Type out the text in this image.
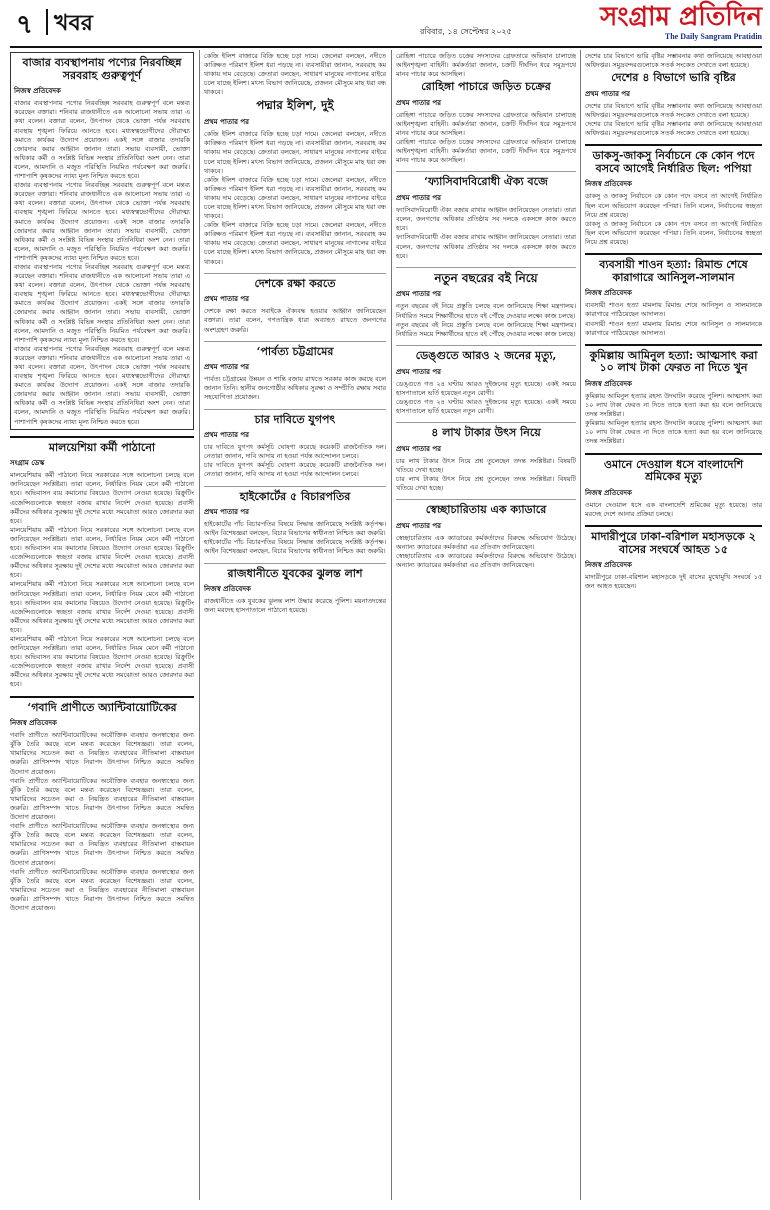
৭ খবর	রবিবার, ১৪ সেপ্টেম্বর ২০২৫	সংগ্রাম প্রতিদিন
The Daily Sangram Pratidin
বাজার ব্যবস্থাপনায় পণ্যের নিরবচ্ছিন্ন সরবরাহ গুরুত্বপূর্ণ
নিজস্ব প্রতিবেদক

বাজার ব্যবস্থাপনায় পণ্যের নিরবচ্ছিন্ন সরবরাহ গুরুত্বপূর্ণ বলে মন্তব্য করেছেন বক্তারা। শনিবার রাজধানীতে এক আলোচনা সভায় তারা এ কথা বলেন। বক্তারা বলেন, উৎপাদন থেকে ভোক্তা পর্যন্ত সরবরাহ ব্যবস্থায় শৃঙ্খলা ফিরিয়ে আনতে হবে। মধ্যস্বত্বভোগীদের দৌরাত্ম্য কমাতে কার্যকর উদ্যোগ প্রয়োজন। একই সঙ্গে বাজার তদারকি জোরদার করার আহ্বান জানান তারা। সভায় ব্যবসায়ী, ভোক্তা অধিকার কর্মী ও সংশ্লিষ্ট বিভিন্ন সংস্থার প্রতিনিধিরা অংশ নেন। তারা বলেন, আমদানি ও মজুত পরিস্থিতি নিয়মিত পর্যবেক্ষণ করা জরুরি। পাশাপাশি কৃষকদের ন্যায্য মূল্য নিশ্চিত করতে হবে।

বাজার ব্যবস্থাপনায় পণ্যের নিরবচ্ছিন্ন সরবরাহ গুরুত্বপূর্ণ বলে মন্তব্য করেছেন বক্তারা। শনিবার রাজধানীতে এক আলোচনা সভায় তারা এ কথা বলেন। বক্তারা বলেন, উৎপাদন থেকে ভোক্তা পর্যন্ত সরবরাহ ব্যবস্থায় শৃঙ্খলা ফিরিয়ে আনতে হবে। মধ্যস্বত্বভোগীদের দৌরাত্ম্য কমাতে কার্যকর উদ্যোগ প্রয়োজন। একই সঙ্গে বাজার তদারকি জোরদার করার আহ্বান জানান তারা। সভায় ব্যবসায়ী, ভোক্তা অধিকার কর্মী ও সংশ্লিষ্ট বিভিন্ন সংস্থার প্রতিনিধিরা অংশ নেন। তারা বলেন, আমদানি ও মজুত পরিস্থিতি নিয়মিত পর্যবেক্ষণ করা জরুরি। পাশাপাশি কৃষকদের ন্যায্য মূল্য নিশ্চিত করতে হবে।

বাজার ব্যবস্থাপনায় পণ্যের নিরবচ্ছিন্ন সরবরাহ গুরুত্বপূর্ণ বলে মন্তব্য করেছেন বক্তারা। শনিবার রাজধানীতে এক আলোচনা সভায় তারা এ কথা বলেন। বক্তারা বলেন, উৎপাদন থেকে ভোক্তা পর্যন্ত সরবরাহ ব্যবস্থায় শৃঙ্খলা ফিরিয়ে আনতে হবে। মধ্যস্বত্বভোগীদের দৌরাত্ম্য কমাতে কার্যকর উদ্যোগ প্রয়োজন। একই সঙ্গে বাজার তদারকি জোরদার করার আহ্বান জানান তারা। সভায় ব্যবসায়ী, ভোক্তা অধিকার কর্মী ও সংশ্লিষ্ট বিভিন্ন সংস্থার প্রতিনিধিরা অংশ নেন। তারা বলেন, আমদানি ও মজুত পরিস্থিতি নিয়মিত পর্যবেক্ষণ করা জরুরি। পাশাপাশি কৃষকদের ন্যায্য মূল্য নিশ্চিত করতে হবে।

বাজার ব্যবস্থাপনায় পণ্যের নিরবচ্ছিন্ন সরবরাহ গুরুত্বপূর্ণ বলে মন্তব্য করেছেন বক্তারা। শনিবার রাজধানীতে এক আলোচনা সভায় তারা এ কথা বলেন। বক্তারা বলেন, উৎপাদন থেকে ভোক্তা পর্যন্ত সরবরাহ ব্যবস্থায় শৃঙ্খলা ফিরিয়ে আনতে হবে। মধ্যস্বত্বভোগীদের দৌরাত্ম্য কমাতে কার্যকর উদ্যোগ প্রয়োজন। একই সঙ্গে বাজার তদারকি জোরদার করার আহ্বান জানান তারা। সভায় ব্যবসায়ী, ভোক্তা অধিকার কর্মী ও সংশ্লিষ্ট বিভিন্ন সংস্থার প্রতিনিধিরা অংশ নেন। তারা বলেন, আমদানি ও মজুত পরিস্থিতি নিয়মিত পর্যবেক্ষণ করা জরুরি। পাশাপাশি কৃষকদের ন্যায্য মূল্য নিশ্চিত করতে হবে।

মালয়েশিয়া কর্মী পাঠানো
সংগ্রাম ডেস্ক

মালয়েশিয়ায় কর্মী পাঠানো নিয়ে সরকারের সঙ্গে আলোচনা চলছে বলে জানিয়েছেন সংশ্লিষ্টরা। তারা বলেন, নির্ধারিত নিয়ম মেনে কর্মী পাঠানো হবে। অভিবাসন ব্যয় কমানোর বিষয়েও উদ্যোগ নেওয়া হয়েছে। রিক্রুটিং এজেন্সিগুলোকে স্বচ্ছতা বজায় রাখার নির্দেশ দেওয়া হয়েছে। প্রবাসী কর্মীদের অধিকার সুরক্ষায় দুই দেশের মধ্যে সমঝোতা আরও জোরদার করা হবে।

মালয়েশিয়ায় কর্মী পাঠানো নিয়ে সরকারের সঙ্গে আলোচনা চলছে বলে জানিয়েছেন সংশ্লিষ্টরা। তারা বলেন, নির্ধারিত নিয়ম মেনে কর্মী পাঠানো হবে। অভিবাসন ব্যয় কমানোর বিষয়েও উদ্যোগ নেওয়া হয়েছে। রিক্রুটিং এজেন্সিগুলোকে স্বচ্ছতা বজায় রাখার নির্দেশ দেওয়া হয়েছে। প্রবাসী কর্মীদের অধিকার সুরক্ষায় দুই দেশের মধ্যে সমঝোতা আরও জোরদার করা হবে।

মালয়েশিয়ায় কর্মী পাঠানো নিয়ে সরকারের সঙ্গে আলোচনা চলছে বলে জানিয়েছেন সংশ্লিষ্টরা। তারা বলেন, নির্ধারিত নিয়ম মেনে কর্মী পাঠানো হবে। অভিবাসন ব্যয় কমানোর বিষয়েও উদ্যোগ নেওয়া হয়েছে। রিক্রুটিং এজেন্সিগুলোকে স্বচ্ছতা বজায় রাখার নির্দেশ দেওয়া হয়েছে। প্রবাসী কর্মীদের অধিকার সুরক্ষায় দুই দেশের মধ্যে সমঝোতা আরও জোরদার করা হবে।

মালয়েশিয়ায় কর্মী পাঠানো নিয়ে সরকারের সঙ্গে আলোচনা চলছে বলে জানিয়েছেন সংশ্লিষ্টরা। তারা বলেন, নির্ধারিত নিয়ম মেনে কর্মী পাঠানো হবে। অভিবাসন ব্যয় কমানোর বিষয়েও উদ্যোগ নেওয়া হয়েছে। রিক্রুটিং এজেন্সিগুলোকে স্বচ্ছতা বজায় রাখার নির্দেশ দেওয়া হয়েছে। প্রবাসী কর্মীদের অধিকার সুরক্ষায় দুই দেশের মধ্যে সমঝোতা আরও জোরদার করা হবে।

‘গবাদি প্রাণীতে অ্যান্টিবায়োটিকের
নিজস্ব প্রতিবেদক

গবাদি প্রাণীতে অ্যান্টিবায়োটিকের অযৌক্তিক ব্যবহার জনস্বাস্থ্যের জন্য ঝুঁকি তৈরি করছে বলে মন্তব্য করেছেন বিশেষজ্ঞরা। তারা বলেন, খামারিদের সচেতন করা ও নিয়ন্ত্রিত ব্যবহারের নীতিমালা বাস্তবায়ন জরুরি। প্রাণিসম্পদ খাতে নিরাপদ উৎপাদন নিশ্চিত করতে সমন্বিত উদ্যোগ প্রয়োজন।

গবাদি প্রাণীতে অ্যান্টিবায়োটিকের অযৌক্তিক ব্যবহার জনস্বাস্থ্যের জন্য ঝুঁকি তৈরি করছে বলে মন্তব্য করেছেন বিশেষজ্ঞরা। তারা বলেন, খামারিদের সচেতন করা ও নিয়ন্ত্রিত ব্যবহারের নীতিমালা বাস্তবায়ন জরুরি। প্রাণিসম্পদ খাতে নিরাপদ উৎপাদন নিশ্চিত করতে সমন্বিত উদ্যোগ প্রয়োজন।

গবাদি প্রাণীতে অ্যান্টিবায়োটিকের অযৌক্তিক ব্যবহার জনস্বাস্থ্যের জন্য ঝুঁকি তৈরি করছে বলে মন্তব্য করেছেন বিশেষজ্ঞরা। তারা বলেন, খামারিদের সচেতন করা ও নিয়ন্ত্রিত ব্যবহারের নীতিমালা বাস্তবায়ন জরুরি। প্রাণিসম্পদ খাতে নিরাপদ উৎপাদন নিশ্চিত করতে সমন্বিত উদ্যোগ প্রয়োজন।

গবাদি প্রাণীতে অ্যান্টিবায়োটিকের অযৌক্তিক ব্যবহার জনস্বাস্থ্যের জন্য ঝুঁকি তৈরি করছে বলে মন্তব্য করেছেন বিশেষজ্ঞরা। তারা বলেন, খামারিদের সচেতন করা ও নিয়ন্ত্রিত ব্যবহারের নীতিমালা বাস্তবায়ন জরুরি। প্রাণিসম্পদ খাতে নিরাপদ উৎপাদন নিশ্চিত করতে সমন্বিত উদ্যোগ প্রয়োজন।

কেজি ইলিশ বাজারে বিক্রি হচ্ছে চড়া দামে। জেলেরা বলছেন, নদীতে কাঙ্ক্ষিত পরিমাণ ইলিশ ধরা পড়ছে না। ব্যবসায়ীরা জানান, সরবরাহ কম থাকায় দাম বেড়েছে। ক্রেতারা বলছেন, সাধারণ মানুষের নাগালের বাইরে চলে যাচ্ছে ইলিশ। মৎস্য বিভাগ জানিয়েছে, প্রজনন মৌসুমে মাছ ধরা বন্ধ থাকবে।

পদ্মার ইলিশ, দুই
প্রথম পাতার পর

কেজি ইলিশ বাজারে বিক্রি হচ্ছে চড়া দামে। জেলেরা বলছেন, নদীতে কাঙ্ক্ষিত পরিমাণ ইলিশ ধরা পড়ছে না। ব্যবসায়ীরা জানান, সরবরাহ কম থাকায় দাম বেড়েছে। ক্রেতারা বলছেন, সাধারণ মানুষের নাগালের বাইরে চলে যাচ্ছে ইলিশ। মৎস্য বিভাগ জানিয়েছে, প্রজনন মৌসুমে মাছ ধরা বন্ধ থাকবে।

কেজি ইলিশ বাজারে বিক্রি হচ্ছে চড়া দামে। জেলেরা বলছেন, নদীতে কাঙ্ক্ষিত পরিমাণ ইলিশ ধরা পড়ছে না। ব্যবসায়ীরা জানান, সরবরাহ কম থাকায় দাম বেড়েছে। ক্রেতারা বলছেন, সাধারণ মানুষের নাগালের বাইরে চলে যাচ্ছে ইলিশ। মৎস্য বিভাগ জানিয়েছে, প্রজনন মৌসুমে মাছ ধরা বন্ধ থাকবে।

কেজি ইলিশ বাজারে বিক্রি হচ্ছে চড়া দামে। জেলেরা বলছেন, নদীতে কাঙ্ক্ষিত পরিমাণ ইলিশ ধরা পড়ছে না। ব্যবসায়ীরা জানান, সরবরাহ কম থাকায় দাম বেড়েছে। ক্রেতারা বলছেন, সাধারণ মানুষের নাগালের বাইরে চলে যাচ্ছে ইলিশ। মৎস্য বিভাগ জানিয়েছে, প্রজনন মৌসুমে মাছ ধরা বন্ধ থাকবে।

দেশকে রক্ষা করতে
প্রথম পাতার পর

দেশকে রক্ষা করতে সবাইকে ঐক্যবদ্ধ হওয়ার আহ্বান জানিয়েছেন বক্তারা। তারা বলেন, গণতান্ত্রিক ধারা অব্যাহত রাখতে জনগণের অংশগ্রহণ জরুরি।

‘পার্বত্য চট্টগ্রামের
প্রথম পাতার পর

পার্বত্য চট্টগ্রামের উন্নয়ন ও শান্তি বজায় রাখতে সরকার কাজ করছে বলে জানান তিনি। স্থানীয় জনগোষ্ঠীর অধিকার সুরক্ষা ও সম্প্রীতি রক্ষায় সবার সহযোগিতা প্রয়োজন।

চার দাবিতে যুগপৎ
প্রথম পাতার পর

চার দাবিতে যুগপৎ কর্মসূচি ঘোষণা করেছে কয়েকটি রাজনৈতিক দল। নেতারা জানান, দাবি আদায় না হওয়া পর্যন্ত আন্দোলন চলবে।

চার দাবিতে যুগপৎ কর্মসূচি ঘোষণা করেছে কয়েকটি রাজনৈতিক দল। নেতারা জানান, দাবি আদায় না হওয়া পর্যন্ত আন্দোলন চলবে।

হাইকোর্টের ৫ বিচারপতির
প্রথম পাতার পর

হাইকোর্টের পাঁচ বিচারপতির বিষয়ে সিদ্ধান্ত জানিয়েছে সংশ্লিষ্ট কর্তৃপক্ষ। আইন বিশেষজ্ঞরা বলছেন, বিচার বিভাগের স্বাধীনতা নিশ্চিত করা জরুরি।

হাইকোর্টের পাঁচ বিচারপতির বিষয়ে সিদ্ধান্ত জানিয়েছে সংশ্লিষ্ট কর্তৃপক্ষ। আইন বিশেষজ্ঞরা বলছেন, বিচার বিভাগের স্বাধীনতা নিশ্চিত করা জরুরি।

রাজধানীতে যুবকের ঝুলন্ত লাশ
নিজস্ব প্রতিবেদক

রাজধানীতে এক যুবকের ঝুলন্ত লাশ উদ্ধার করেছে পুলিশ। ময়নাতদন্তের জন্য মরদেহ হাসপাতালে পাঠানো হয়েছে।

রোহিঙ্গা পাচারে জড়িত চক্রের সদস্যদের গ্রেফতারে অভিযান চালাচ্ছে আইনশৃঙ্খলা বাহিনী। কর্মকর্তারা জানান, চক্রটি দীর্ঘদিন ধরে সমুদ্রপথে মানব পাচার করে আসছিল।

রোহিঙ্গা পাচারে জড়িত চক্রের
প্রথম পাতার পর

রোহিঙ্গা পাচারে জড়িত চক্রের সদস্যদের গ্রেফতারে অভিযান চালাচ্ছে আইনশৃঙ্খলা বাহিনী। কর্মকর্তারা জানান, চক্রটি দীর্ঘদিন ধরে সমুদ্রপথে মানব পাচার করে আসছিল।

রোহিঙ্গা পাচারে জড়িত চক্রের সদস্যদের গ্রেফতারে অভিযান চালাচ্ছে আইনশৃঙ্খলা বাহিনী। কর্মকর্তারা জানান, চক্রটি দীর্ঘদিন ধরে সমুদ্রপথে মানব পাচার করে আসছিল।

‘ফ্যাসিবাদবিরোধী ঐক্য বজে
প্রথম পাতার পর

ফ্যাসিবাদবিরোধী ঐক্য বজায় রাখার আহ্বান জানিয়েছেন নেতারা। তারা বলেন, জনগণের অধিকার প্রতিষ্ঠায় সব দলকে একসঙ্গে কাজ করতে হবে।

ফ্যাসিবাদবিরোধী ঐক্য বজায় রাখার আহ্বান জানিয়েছেন নেতারা। তারা বলেন, জনগণের অধিকার প্রতিষ্ঠায় সব দলকে একসঙ্গে কাজ করতে হবে।

নতুন বছরের বই নিয়ে
প্রথম পাতার পর

নতুন বছরের বই নিয়ে প্রস্তুতি চলছে বলে জানিয়েছে শিক্ষা মন্ত্রণালয়। নির্ধারিত সময়ে শিক্ষার্থীদের হাতে বই পৌঁছে দেওয়ার লক্ষ্যে কাজ চলছে।

নতুন বছরের বই নিয়ে প্রস্তুতি চলছে বলে জানিয়েছে শিক্ষা মন্ত্রণালয়। নির্ধারিত সময়ে শিক্ষার্থীদের হাতে বই পৌঁছে দেওয়ার লক্ষ্যে কাজ চলছে।

ডেঙ্গুতে আরও ২ জনের মৃত্যু,
প্রথম পাতার পর

ডেঙ্গুতে গত ২৪ ঘণ্টায় আরও দুইজনের মৃত্যু হয়েছে। একই সময়ে হাসপাতালে ভর্তি হয়েছেন নতুন রোগী।

ডেঙ্গুতে গত ২৪ ঘণ্টায় আরও দুইজনের মৃত্যু হয়েছে। একই সময়ে হাসপাতালে ভর্তি হয়েছেন নতুন রোগী।

৪ লাখ টাকার উৎস নিয়ে
প্রথম পাতার পর

চার লাখ টাকার উৎস নিয়ে প্রশ্ন তুলেছেন তদন্ত সংশ্লিষ্টরা। বিষয়টি খতিয়ে দেখা হচ্ছে।

চার লাখ টাকার উৎস নিয়ে প্রশ্ন তুলেছেন তদন্ত সংশ্লিষ্টরা। বিষয়টি খতিয়ে দেখা হচ্ছে।

স্বেচ্ছাচারিতায় এক ক্যাডারে
প্রথম পাতার পর

স্বেচ্ছাচারিতায় এক ক্যাডারের কর্মকর্তাদের বিরুদ্ধে অভিযোগ উঠেছে। অন্যান্য ক্যাডারের কর্মকর্তারা এর প্রতিবাদ জানিয়েছেন।

স্বেচ্ছাচারিতায় এক ক্যাডারের কর্মকর্তাদের বিরুদ্ধে অভিযোগ উঠেছে। অন্যান্য ক্যাডারের কর্মকর্তারা এর প্রতিবাদ জানিয়েছেন।

দেশের চার বিভাগে ভারি বৃষ্টির সম্ভাবনার কথা জানিয়েছে আবহাওয়া অধিদপ্তর। সমুদ্রবন্দরগুলোকে সতর্ক সংকেত দেখাতে বলা হয়েছে।

দেশের ৪ বিভাগে ভারি বৃষ্টির
প্রথম পাতার পর

দেশের চার বিভাগে ভারি বৃষ্টির সম্ভাবনার কথা জানিয়েছে আবহাওয়া অধিদপ্তর। সমুদ্রবন্দরগুলোকে সতর্ক সংকেত দেখাতে বলা হয়েছে।

দেশের চার বিভাগে ভারি বৃষ্টির সম্ভাবনার কথা জানিয়েছে আবহাওয়া অধিদপ্তর। সমুদ্রবন্দরগুলোকে সতর্ক সংকেত দেখাতে বলা হয়েছে।

ডাকসু-জাকসু নির্বাচনে কে কোন পদে বসবে আগেই নির্ধারিত ছিল: পপিয়া
নিজস্ব প্রতিবেদক

ডাকসু ও জাকসু নির্বাচনে কে কোন পদে বসবে তা আগেই নির্ধারিত ছিল বলে অভিযোগ করেছেন পপিয়া। তিনি বলেন, নির্বাচনের স্বচ্ছতা নিয়ে প্রশ্ন রয়েছে।

ডাকসু ও জাকসু নির্বাচনে কে কোন পদে বসবে তা আগেই নির্ধারিত ছিল বলে অভিযোগ করেছেন পপিয়া। তিনি বলেন, নির্বাচনের স্বচ্ছতা নিয়ে প্রশ্ন রয়েছে।

ব্যবসায়ী শাওন হত্যা: রিমান্ড শেষে কারাগারে আনিসুল-সালমান
নিজস্ব প্রতিবেদক

ব্যবসায়ী শাওন হত্যা মামলায় রিমান্ড শেষে আনিসুল ও সালমানকে কারাগারে পাঠিয়েছেন আদালত।

ব্যবসায়ী শাওন হত্যা মামলায় রিমান্ড শেষে আনিসুল ও সালমানকে কারাগারে পাঠিয়েছেন আদালত।

কুমিল্লায় আমিনুল হত্যা: আত্মসাৎ করা ১০ লাখ টাকা ফেরত না দিতে খুন
নিজস্ব প্রতিবেদক

কুমিল্লায় আমিনুল হত্যার রহস্য উদঘাটন করেছে পুলিশ। আত্মসাৎ করা ১০ লাখ টাকা ফেরত না দিতে তাকে হত্যা করা হয় বলে জানিয়েছে তদন্ত সংশ্লিষ্টরা।

কুমিল্লায় আমিনুল হত্যার রহস্য উদঘাটন করেছে পুলিশ। আত্মসাৎ করা ১০ লাখ টাকা ফেরত না দিতে তাকে হত্যা করা হয় বলে জানিয়েছে তদন্ত সংশ্লিষ্টরা।

ওমানে দেওয়াল ধসে বাংলাদেশি শ্রমিকের মৃত্যু
নিজস্ব প্রতিবেদক

ওমানে দেওয়াল ধসে এক বাংলাদেশি শ্রমিকের মৃত্যু হয়েছে। তার মরদেহ দেশে আনার প্রক্রিয়া চলছে।

মাদারীপুরে ঢাকা-বরিশাল মহাসড়কে ২ বাসের সংঘর্ষে আহত ১৫
নিজস্ব প্রতিবেদক

মাদারীপুরে ঢাকা-বরিশাল মহাসড়কে দুই বাসের মুখোমুখি সংঘর্ষে ১৫ জন আহত হয়েছেন।
